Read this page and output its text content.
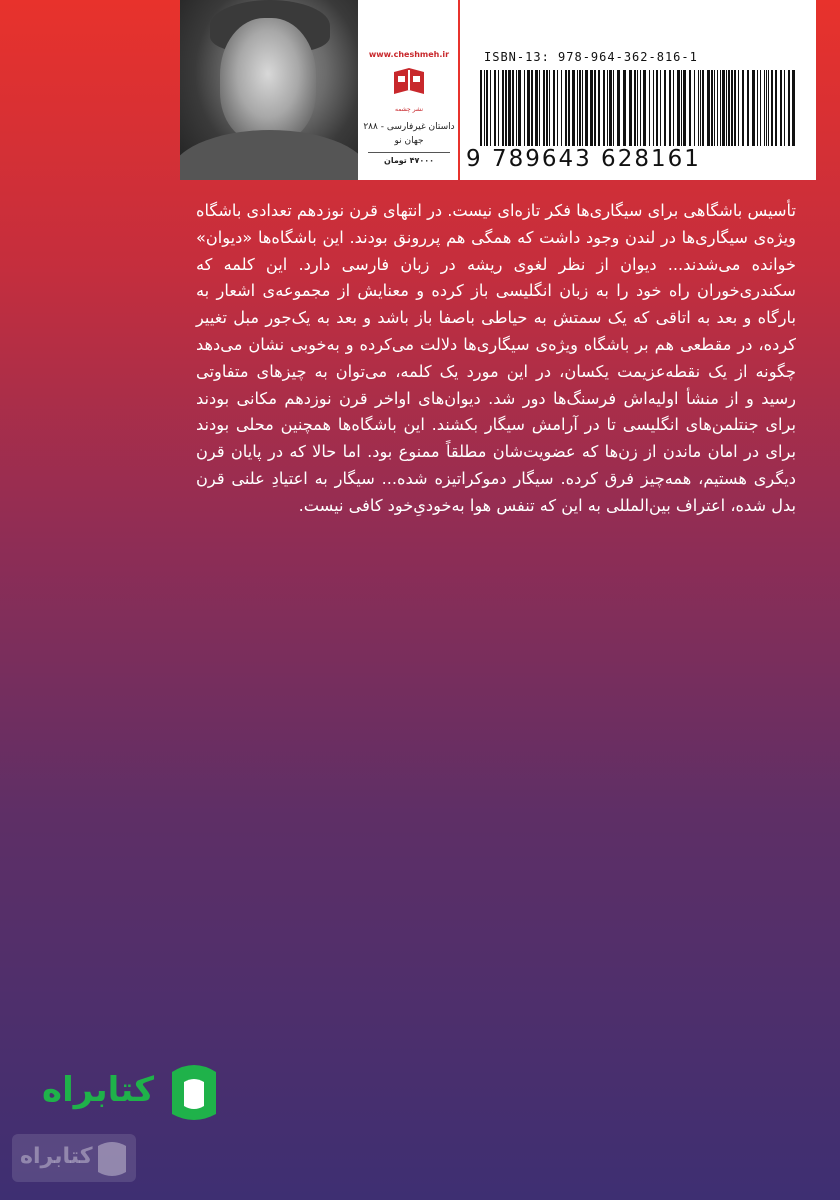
www.cheshmeh.ir
نشر چشمه
داستان غیرفارسی - ۲۸۸
جهان نو
۴۷۰۰۰ تومان
ISBN-13: 978-964-362-816-1
9 789643 628161
تأسیس باشگاهی برای سیگاری‌ها فکر تازه‌ای نیست. در انتهای قرن نوزدهم تعدادی باشگاه ویژه‌ی سیگاری‌ها در لندن وجود داشت که همگی هم پررونق بودند. این باشگاه‌ها «دیوان» خوانده می‌شدند... دیوان از نظر لغوی ریشه در زبان فارسی دارد. این کلمه که سکندری‌خوران راه خود را به زبان انگلیسی باز کرده و معنایش از مجموعه‌ی اشعار به بارگاه و بعد به اتاقی که یک سمتش به حیاطی باصفا باز باشد و بعد به یک‌جور مبل تغییر کرده، در مقطعی هم بر باشگاه ویژه‌ی سیگاری‌ها دلالت می‌کرده و به‌خوبی نشان می‌دهد چگونه از یک نقطه‌عزیمت یکسان، در این مورد یک کلمه، می‌توان به چیزهای متفاوتی رسید و از منشأ اولیه‌اش فرسنگ‌ها دور شد. دیوان‌های اواخر قرن نوزدهم مکانی بودند برای جنتلمن‌های انگلیسی تا در آرامش سیگار بکشند. این باشگاه‌ها همچنین محلی بودند برای در امان ماندن از زن‌ها که عضویت‌شان مطلقاً ممنوع بود. اما حالا که در پایان قرن دیگری هستیم، همه‌چیز فرق کرده. سیگار دموکراتیزه شده... سیگار به اعتیادِ علنی قرن بدل شده، اعتراف بین‌المللی به این که تنفس هوا به‌خودیِ‌خود کافی نیست.
کتابراه
کتابراه
